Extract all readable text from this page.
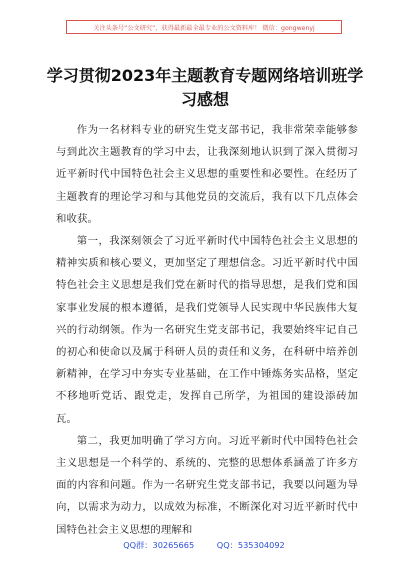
关注头条号“公文研究”，获得最新最全最专业的公文资料库！ 微信：gongwenyj
学习贯彻2023年主题教育专题网络培训班学习感想

作为一名材料专业的研究生党支部书记，我非常荣幸能够参与到此次主题教育的学习中去，让我深刻地认识到了深入贯彻习近平新时代中国特色社会主义思想的重要性和必要性。在经历了主题教育的理论学习和与其他党员的交流后，我有以下几点体会和收获。

第一，我深刻领会了习近平新时代中国特色社会主义思想的精神实质和核心要义，更加坚定了理想信念。习近平新时代中国特色社会主义思想是我们党在新时代的指导思想，是我们党和国家事业发展的根本遵循，是我们党领导人民实现中华民族伟大复兴的行动纲领。作为一名研究生党支部书记，我要始终牢记自己的初心和使命以及属于科研人员的责任和义务，在科研中培养创新精神，在学习中夯实专业基础，在工作中锤炼务实品格，坚定不移地听党话、跟党走，发挥自己所学，为祖国的建设添砖加瓦。

第二，我更加明确了学习方向。习近平新时代中国特色社会主义思想是一个科学的、系统的、完整的思想体系涵盖了许多方面的内容和问题。作为一名研究生党支部书记，我要以问题为导向，以需求为动力，以成效为标准，不断深化对习近平新时代中国特色社会主义思想的理解和

QQ群：30265665	QQ：535304092
